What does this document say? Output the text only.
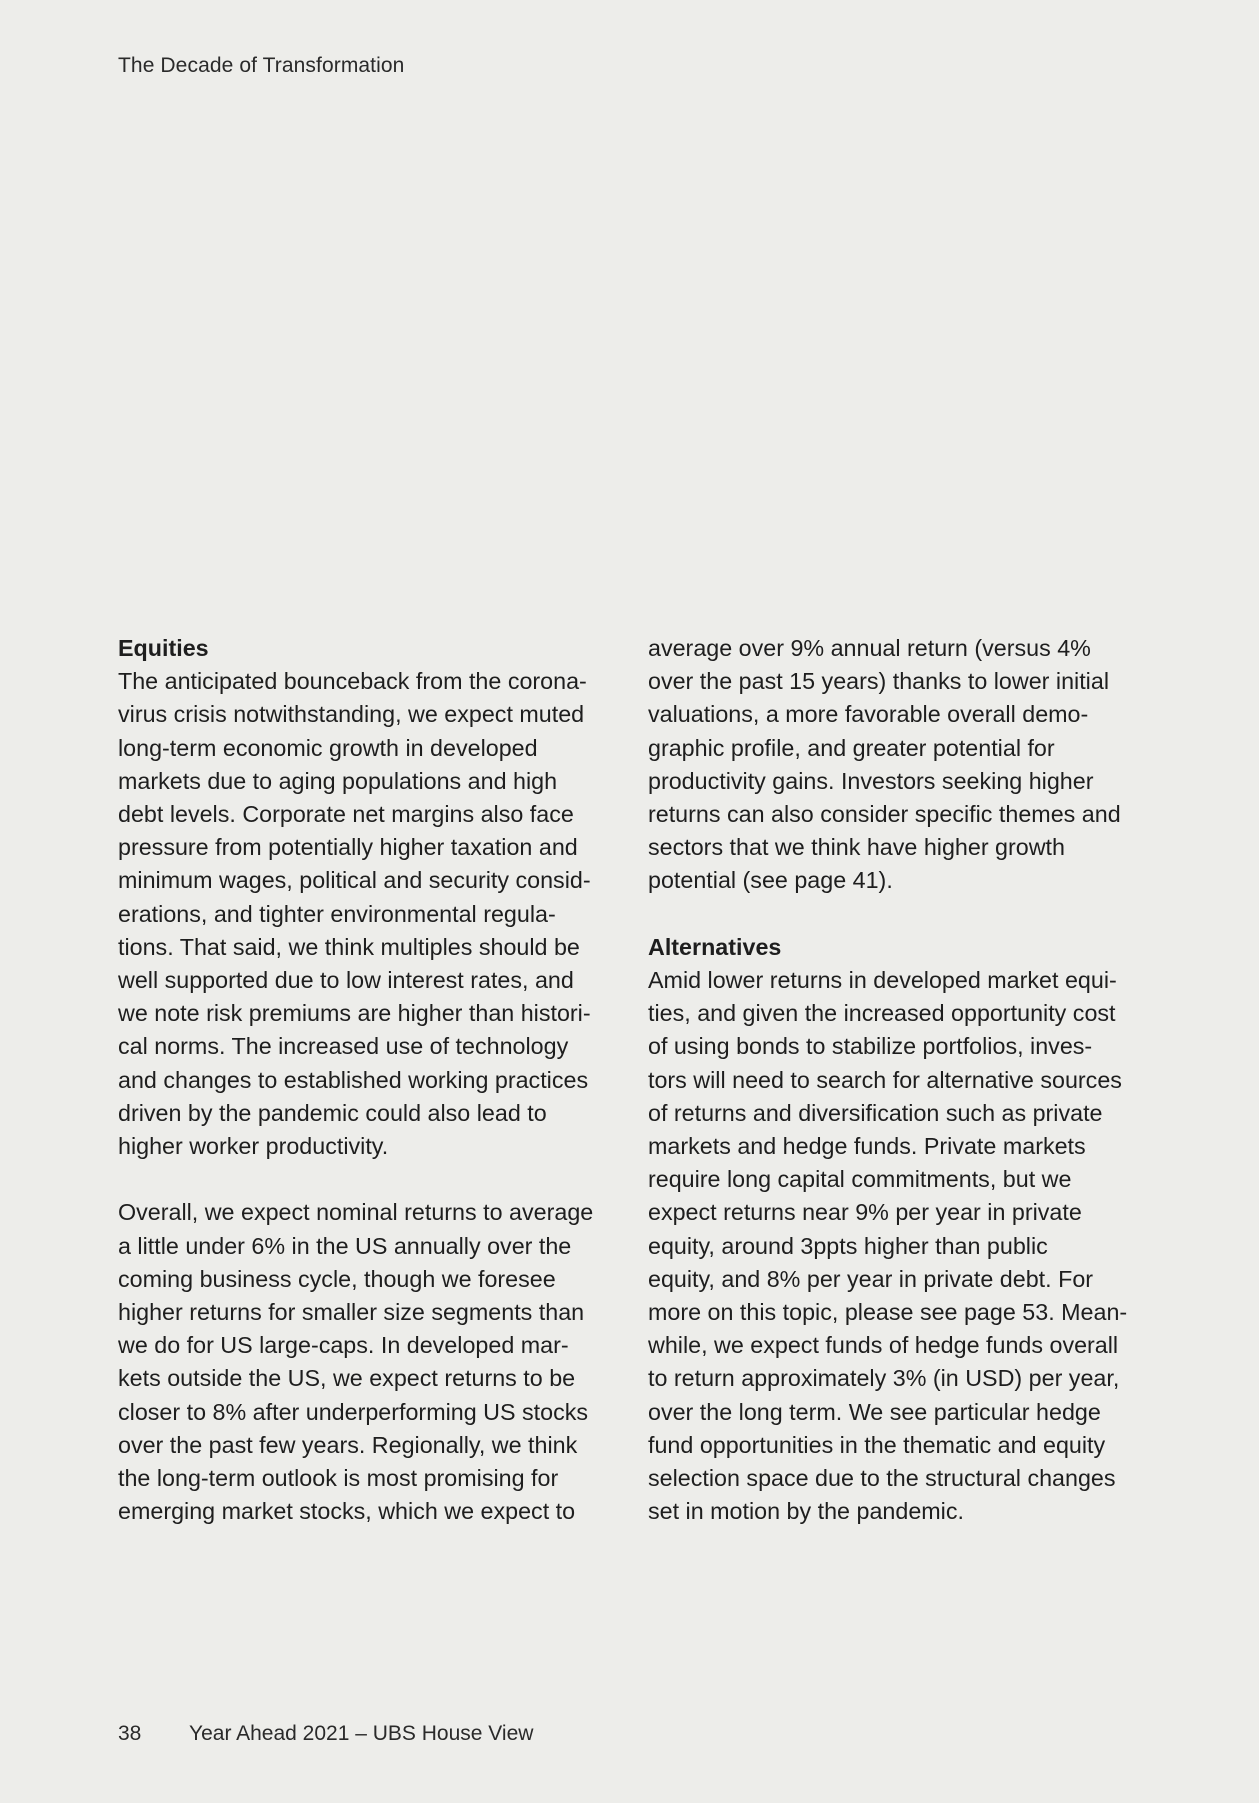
The Decade of Transformation
Equities
The anticipated bounceback from the corona-
virus crisis notwithstanding, we expect muted
long-term economic growth in developed
markets due to aging populations and high
debt levels. Corporate net margins also face
pressure from potentially higher taxation and
minimum wages, political and security consid-
erations, and tighter environmental regula-
tions. That said, we think multiples should be
well supported due to low interest rates, and
we note risk premiums are higher than histori-
cal norms. The increased use of technology
and changes to established working practices
driven by the pandemic could also lead to
higher worker productivity.
Overall, we expect nominal returns to average
a little under 6% in the US annually over the
coming business cycle, though we foresee
higher returns for smaller size segments than
we do for US large-caps. In developed mar-
kets outside the US, we expect returns to be
closer to 8% after underperforming US stocks
over the past few years. Regionally, we think
the long-term outlook is most promising for
emerging market stocks, which we expect to
average over 9% annual return (versus 4%
over the past 15 years) thanks to lower initial
valuations, a more favorable overall demo-
graphic profile, and greater potential for
productivity gains. Investors seeking higher
returns can also consider specific themes and
sectors that we think have higher growth
potential (see page 41).
Alternatives
Amid lower returns in developed market equi-
ties, and given the increased opportunity cost
of using bonds to stabilize portfolios, inves-
tors will need to search for alternative sources
of returns and diversification such as private
markets and hedge funds. Private markets
require long capital commitments, but we
expect returns near 9% per year in private
equity, around 3ppts higher than public
equity, and 8% per year in private debt. For
more on this topic, please see page 53. Mean-
while, we expect funds of hedge funds overall
to return approximately 3% (in USD) per year,
over the long term. We see particular hedge
fund opportunities in the thematic and equity
selection space due to the structural changes
set in motion by the pandemic.
38 Year Ahead 2021 – UBS House View
